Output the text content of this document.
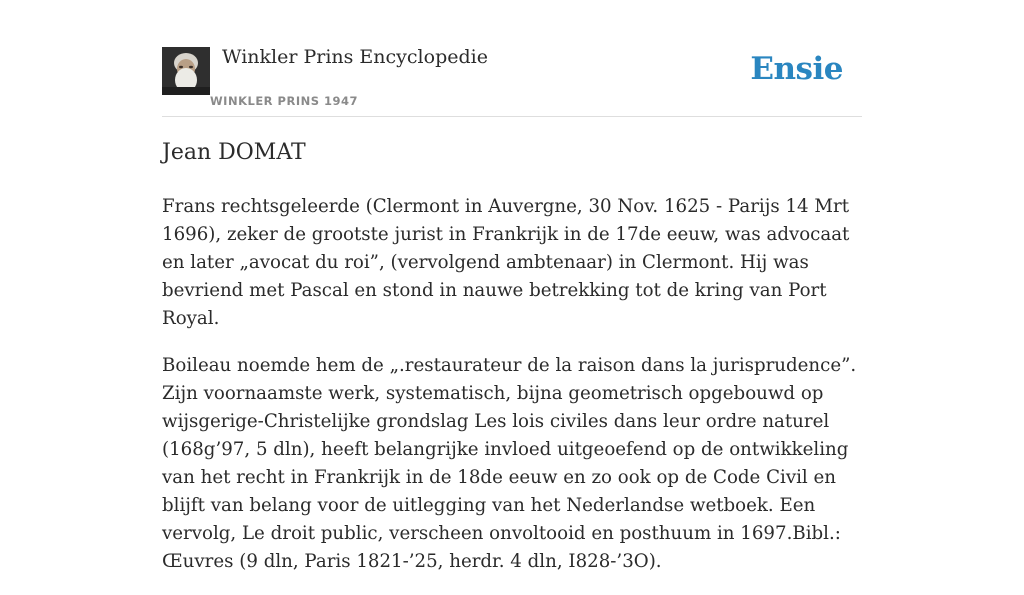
Winkler Prins Encyclopedie
WINKLER PRINS 1947
Ensie
Jean DOMAT

Frans rechtsgeleerde (Clermont in Auvergne, 30 Nov. 1625 - Parijs 14 Mrt 1696), zeker de grootste jurist in Frankrijk in de 17de eeuw, was advocaat en later „avocat du roi”, (vervolgend ambtenaar) in Clermont. Hij was bevriend met Pascal en stond in nauwe betrekking tot de kring van Port Royal.

Boileau noemde hem de „.restaurateur de la raison dans la jurisprudence”. Zijn voornaamste werk, systematisch, bijna geometrisch opgebouwd op wijsgerige-Christelijke grondslag Les lois civiles dans leur ordre naturel (168g’97, 5 dln), heeft belangrijke invloed uitgeoefend op de ontwikkeling van het recht in Frankrijk in de 18de eeuw en zo ook op de Code Civil en blijft van belang voor de uitlegging van het Nederlandse wetboek. Een vervolg, Le droit public, verscheen onvoltooid en posthuum in 1697.Bibl.: Œuvres (9 dln, Paris 1821-’25, herdr. 4 dln, I828-’3O).
